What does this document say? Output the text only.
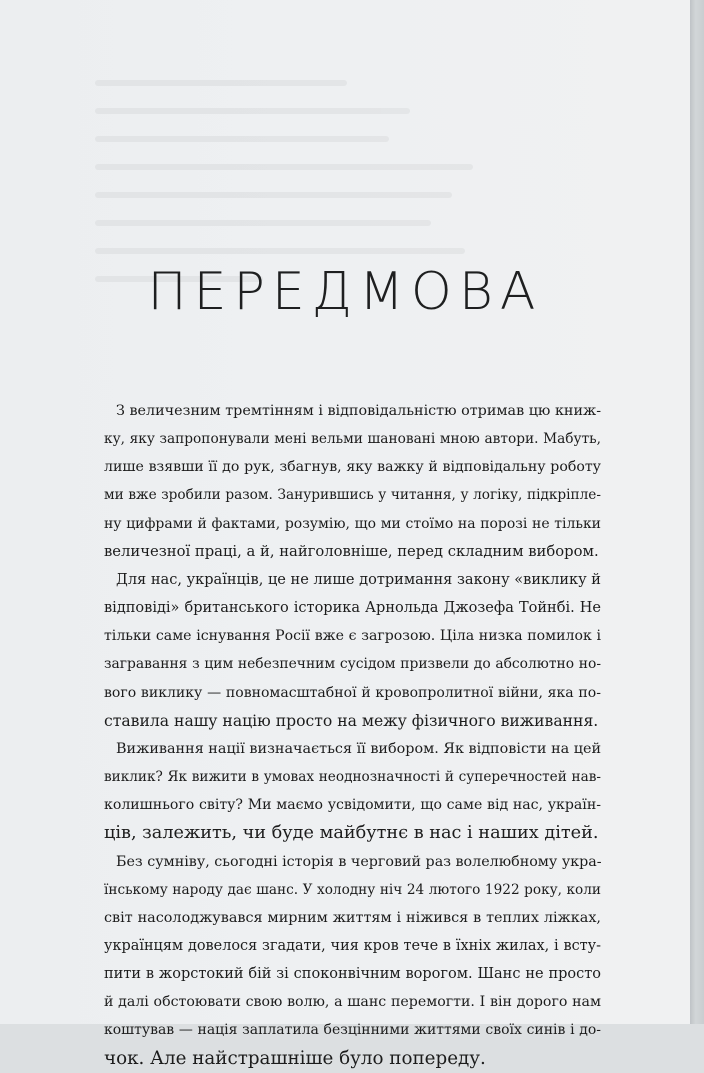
ПЕРЕДМОВА
З величезним тремтінням і відповідальністю отримав цю книж-
ку, яку запропонували мені вельми шановані мною автори. Мабуть,
лише взявши її до рук, збагнув, яку важку й відповідальну роботу
ми вже зробили разом. Занурившись у читання, у логіку, підкріпле-
ну цифрами й фактами, розумію, що ми стоїмо на порозі не тільки
величезної праці, а й, найголовніше, перед складним вибором.
Для нас, українців, це не лише дотримання закону «виклику й
відповіді» британського історика Арнольда Джозефа Тойнбі. Не
тільки саме існування Росії вже є загрозою. Ціла низка помилок і
загравання з цим небезпечним сусідом призвели до абсолютно но-
вого виклику — повномасштабної й кровопролитної війни, яка по-
ставила нашу націю просто на межу фізичного виживання.
Виживання нації визначається її вибором. Як відповісти на цей
виклик? Як вижити в умовах неоднозначності й суперечностей нав-
колишнього світу? Ми маємо усвідомити, що саме від нас, україн-
ців, залежить, чи буде майбутнє в нас і наших дітей.
Без сумніву, сьогодні історія в черговий раз волелюбному укра-
їнському народу дає шанс. У холодну ніч 24 лютого 1922 року, коли
світ насолоджувався мирним життям і ніжився в теплих ліжках,
українцям довелося згадати, чия кров тече в їхніх жилах, і всту-
пити в жорстокий бій зі споконвічним ворогом. Шанс не просто
й далі обстоювати свою волю, а шанс перемогти. І він дорого нам
коштував — нація заплатила безцінними життями своїх синів і до-
чок. Але найстрашніше було попереду.
